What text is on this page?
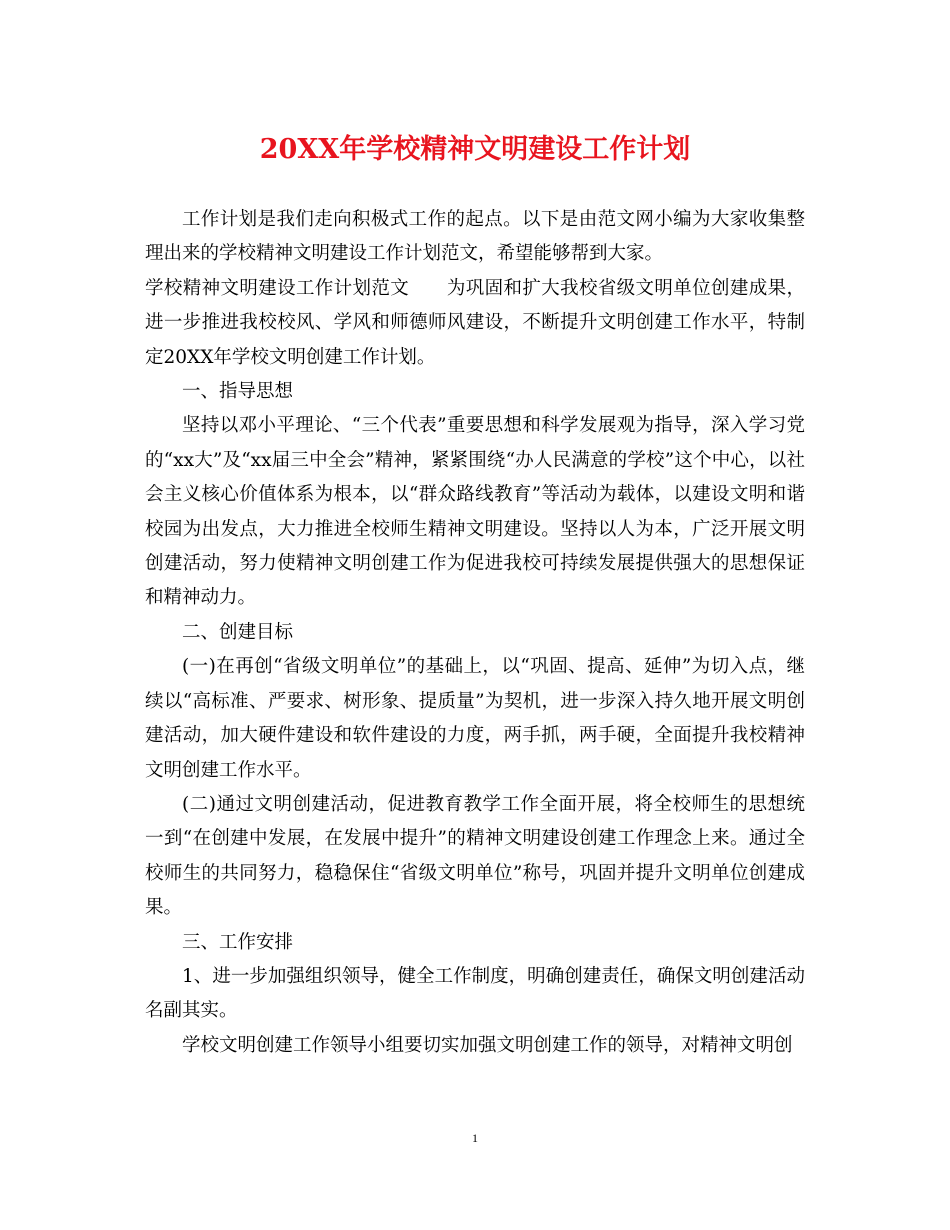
20XX年学校精神文明建设工作计划

工作计划是我们走向积极式工作的起点。以下是由范文网小编为大家收集整理出来的学校精神文明建设工作计划范文，希望能够帮到大家。

学校精神文明建设工作计划范文　　为巩固和扩大我校省级文明单位创建成果，进一步推进我校校风、学风和师德师风建设，不断提升文明创建工作水平，特制定20XX年学校文明创建工作计划。

一、指导思想

坚持以邓小平理论、“三个代表”重要思想和科学发展观为指导，深入学习党的“xx大”及“xx届三中全会”精神，紧紧围绕“办人民满意的学校”这个中心，以社会主义核心价值体系为根本，以“群众路线教育”等活动为载体，以建设文明和谐校园为出发点，大力推进全校师生精神文明建设。坚持以人为本，广泛开展文明创建活动，努力使精神文明创建工作为促进我校可持续发展提供强大的思想保证和精神动力。

二、创建目标

(一)在再创“省级文明单位”的基础上，以“巩固、提高、延伸”为切入点，继续以“高标准、严要求、树形象、提质量”为契机，进一步深入持久地开展文明创建活动，加大硬件建设和软件建设的力度，两手抓，两手硬，全面提升我校精神文明创建工作水平。

(二)通过文明创建活动，促进教育教学工作全面开展，将全校师生的思想统一到“在创建中发展，在发展中提升”的精神文明建设创建工作理念上来。通过全校师生的共同努力，稳稳保住“省级文明单位”称号，巩固并提升文明单位创建成果。

三、工作安排

1、进一步加强组织领导，健全工作制度，明确创建责任，确保文明创建活动名副其实。

学校文明创建工作领导小组要切实加强文明创建工作的领导，对精神文明创

1
